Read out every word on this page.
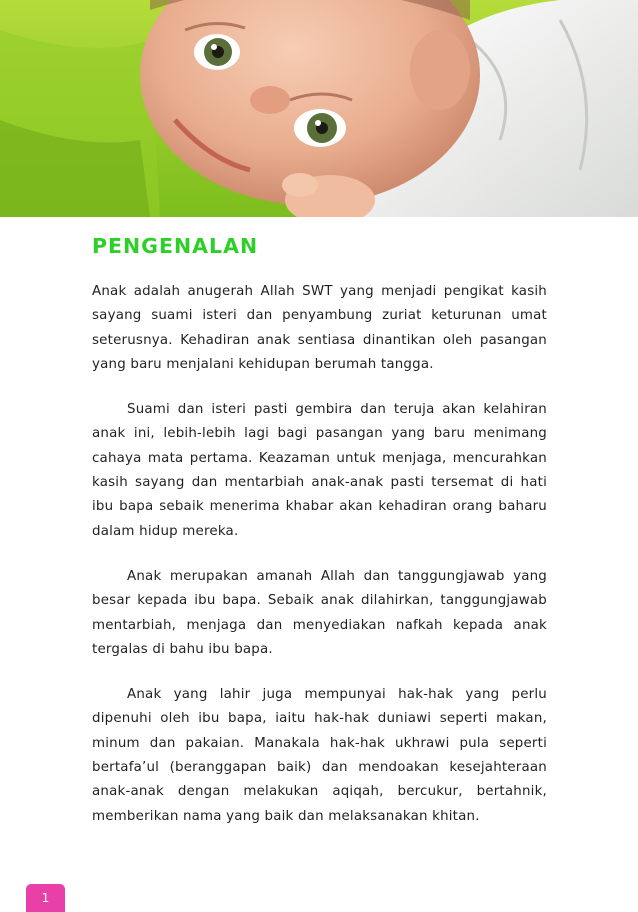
PENGENALAN

Anak adalah anugerah Allah SWT yang menjadi pengikat kasih sayang suami isteri dan penyambung zuriat keturunan umat seterusnya. Kehadiran anak sentiasa dinantikan oleh pasangan yang baru menjalani kehidupan berumah tangga.

Suami dan isteri pasti gembira dan teruja akan kelahiran anak ini, lebih-lebih lagi bagi pasangan yang baru menimang cahaya mata pertama. Keazaman untuk menjaga, mencurahkan kasih sayang dan mentarbiah anak-anak pasti tersemat di hati ibu bapa sebaik menerima khabar akan kehadiran orang baharu dalam hidup mereka.

Anak merupakan amanah Allah dan tanggungjawab yang besar kepada ibu bapa. Sebaik anak dilahirkan, tanggungjawab mentarbiah, menjaga dan menyediakan nafkah kepada anak tergalas di bahu ibu bapa.

Anak yang lahir juga mempunyai hak-hak yang perlu dipenuhi oleh ibu bapa, iaitu hak-hak duniawi seperti makan, minum dan pakaian. Manakala hak-hak ukhrawi pula seperti bertafa’ul (beranggapan baik) dan mendoakan kesejahteraan anak-anak dengan melakukan aqiqah, bercukur, bertahnik, memberikan nama yang baik dan melaksanakan khitan.

1
